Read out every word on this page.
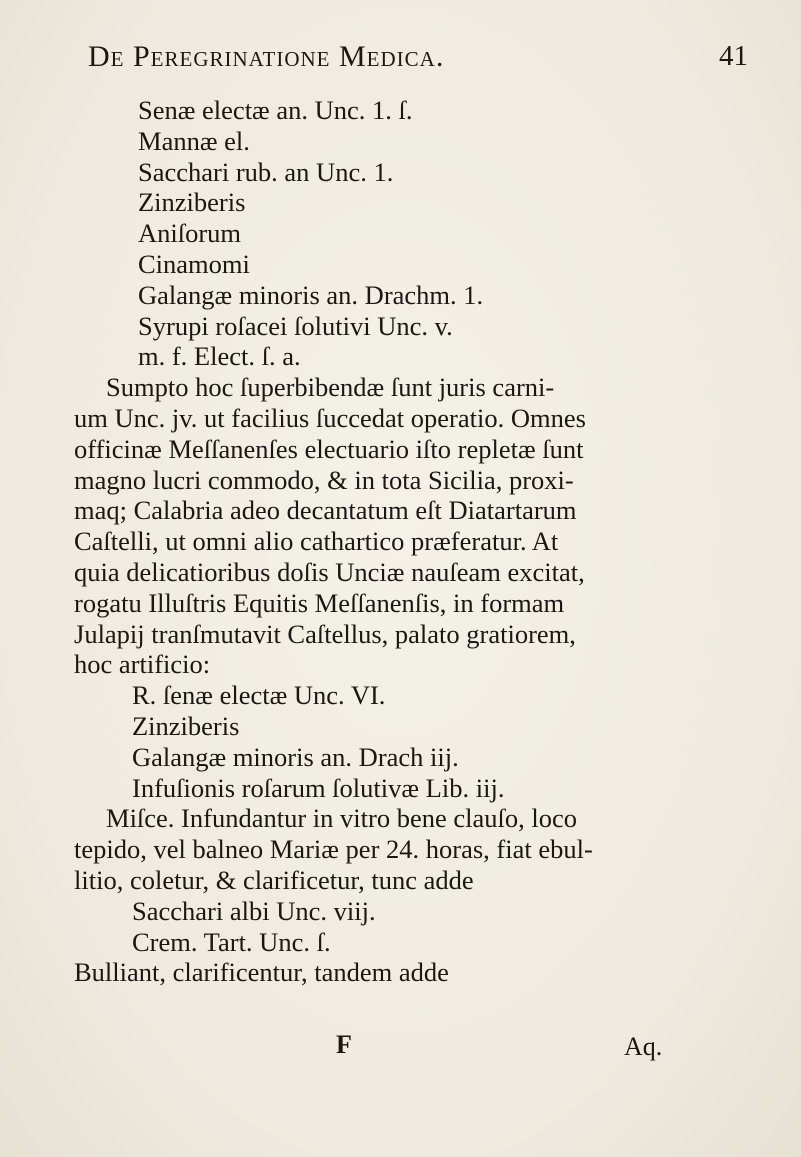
De Peregrinatione Medica.	41
Senæ electæ an. Unc. 1. ſ.
Mannæ el.
Sacchari rub. an Unc. 1.
Zinziberis
Aniſorum
Cinamomi
Galangæ minoris an. Drachm. 1.
Syrupi roſacei ſolutivi Unc. v.
m. f. Elect. ſ. a.
Sumpto hoc ſuperbibendæ ſunt juris carni-
um Unc. jv. ut facilius ſuccedat operatio. Omnes
officinæ Meſſanenſes electuario iſto repletæ ſunt
magno lucri commodo, & in tota Sicilia, proxi-
maq; Calabria adeo decantatum eſt Diatartarum
Caſtelli, ut omni alio cathartico præferatur. At
quia delicatioribus doſis Unciæ nauſeam excitat,
rogatu Illuſtris Equitis Meſſanenſis, in formam
Julapij tranſmutavit Caſtellus, palato gratiorem,
hoc artificio:
R. ſenæ electæ Unc. VI.
Zinziberis
Galangæ minoris an. Drach iij.
Infuſionis roſarum ſolutivæ Lib. iij.
Miſce. Infundantur in vitro bene clauſo, loco
tepido, vel balneo Mariæ per 24. horas, fiat ebul-
litio, coletur, & clarificetur, tunc adde
Sacchari albi Unc. viij.
Crem. Tart. Unc. ſ.
Bulliant, clarificentur, tandem adde
F	Aq.
